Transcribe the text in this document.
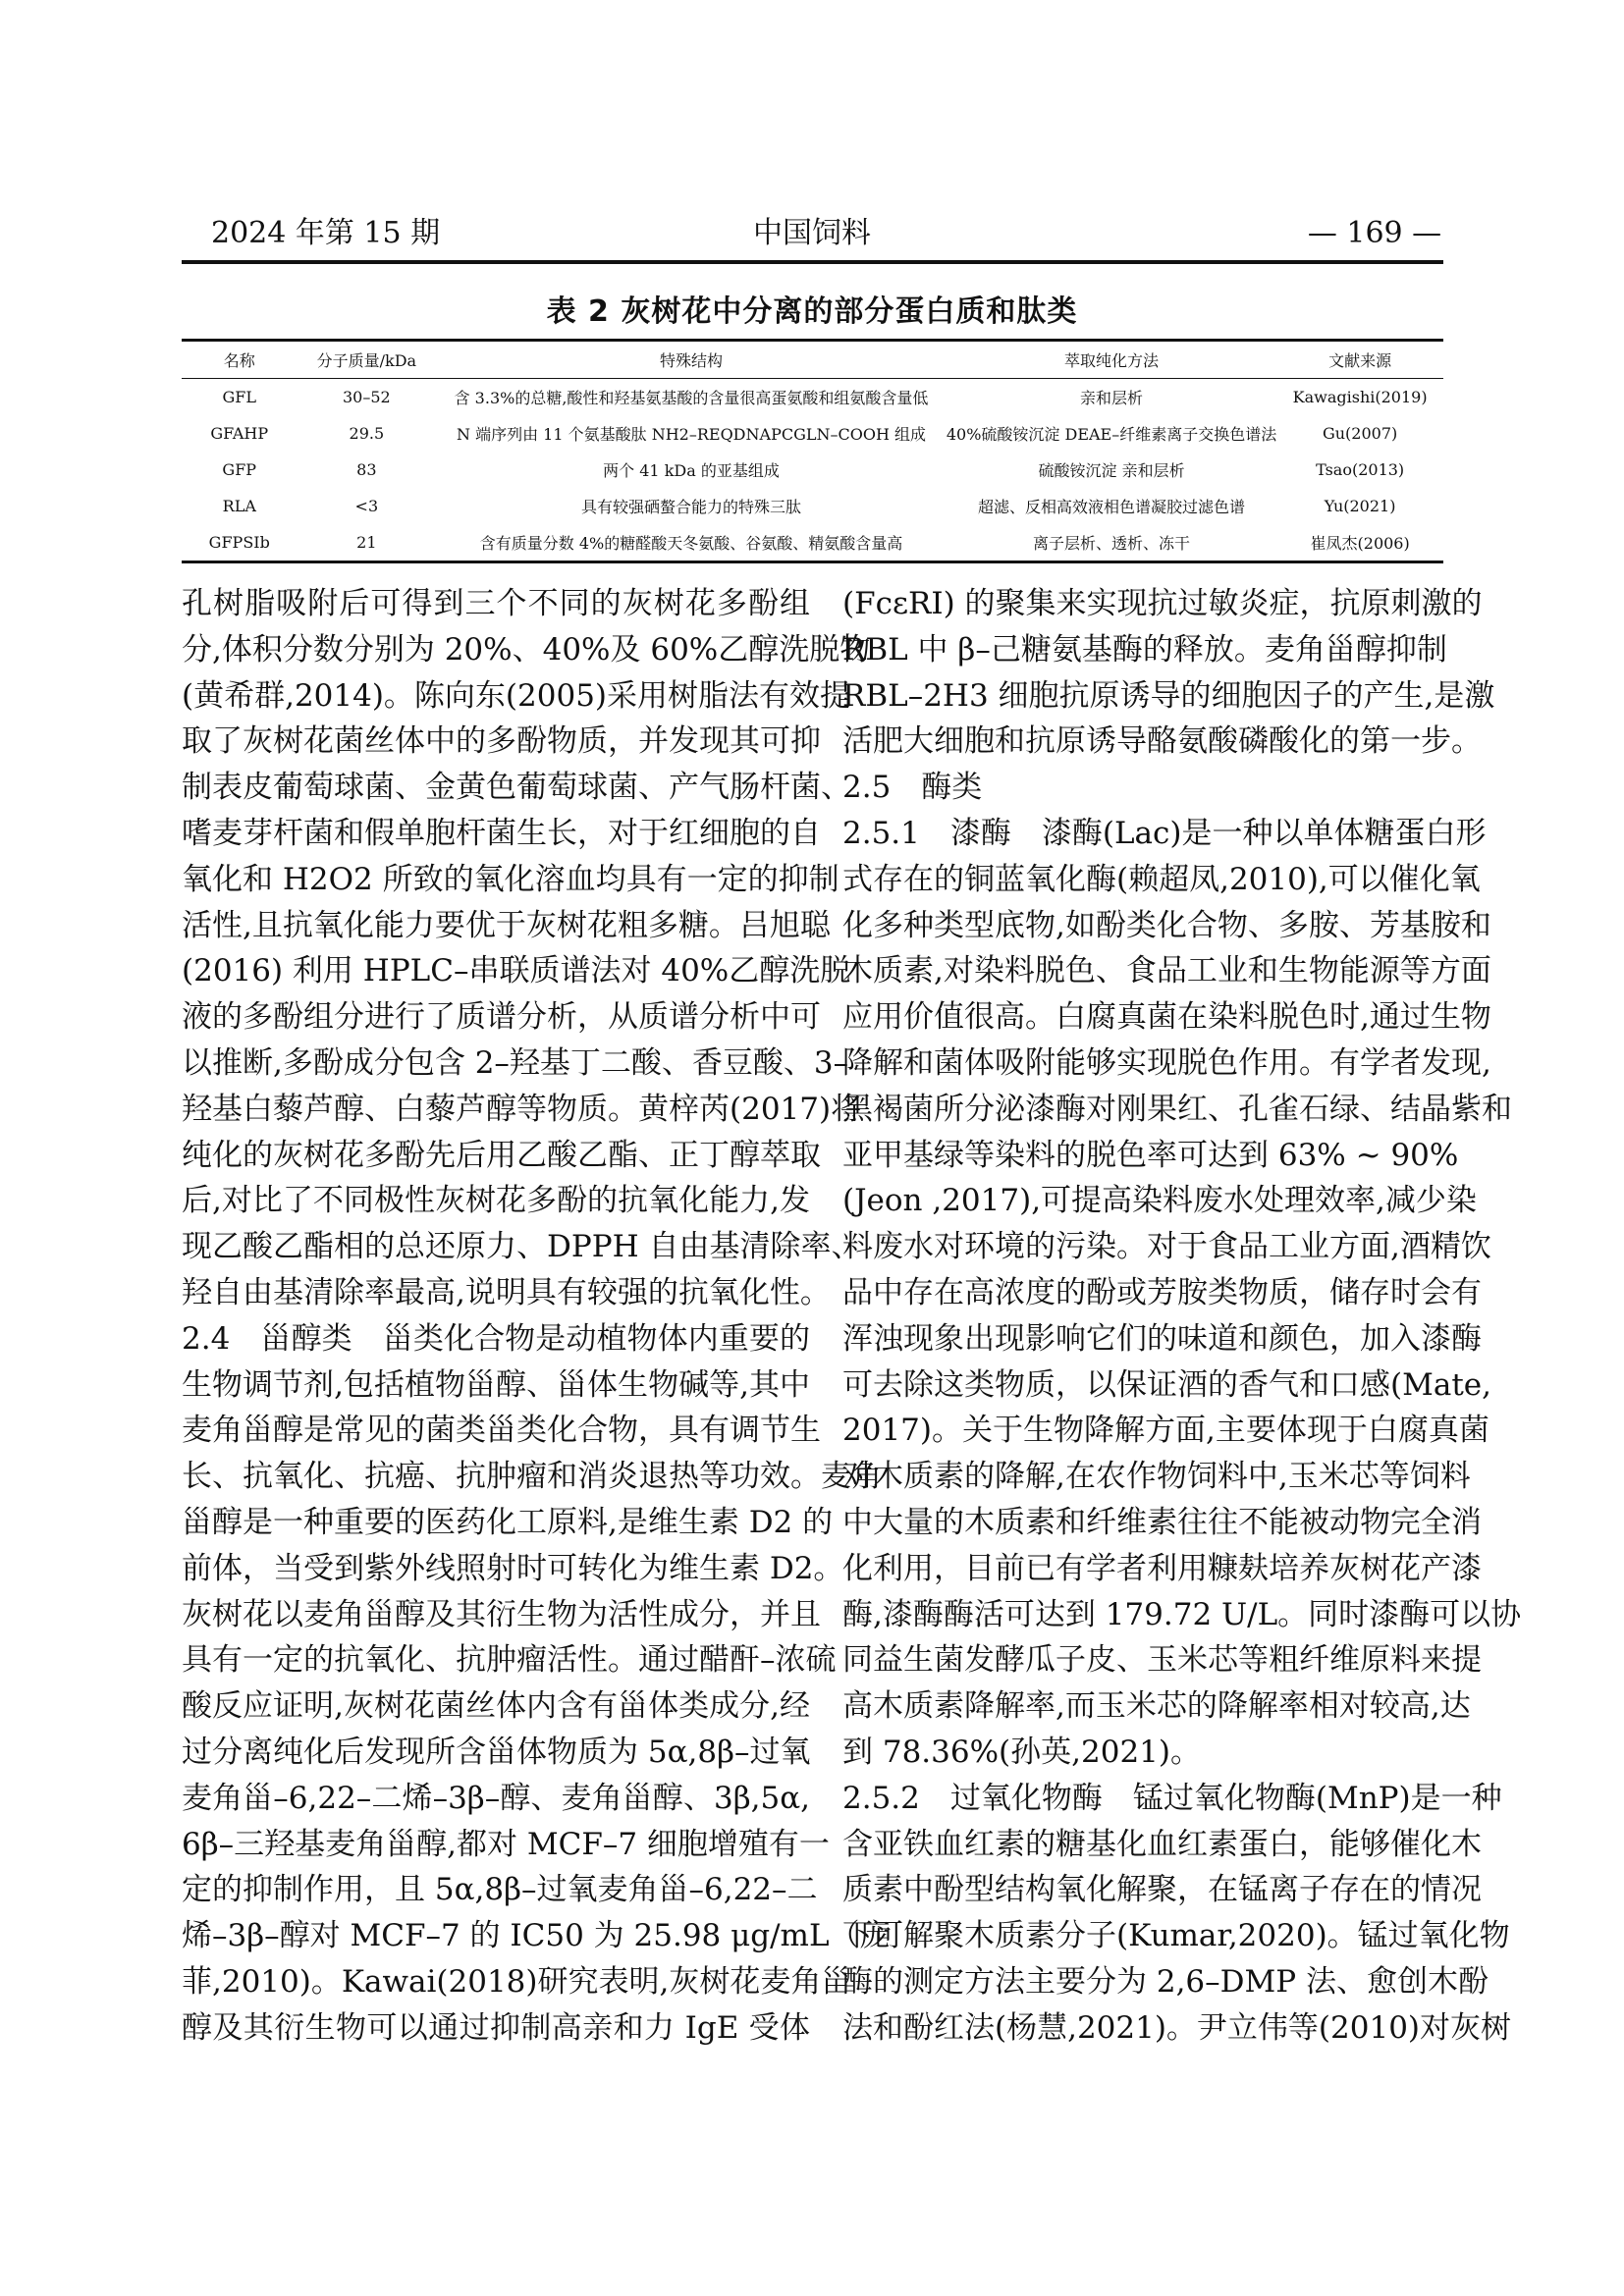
2024 年第 15 期	中国饲料	— 169 —
表 2 灰树花中分离的部分蛋白质和肽类
名称	分子质量/kDa	特殊结构	萃取纯化方法	文献来源
GFL	30–52	含 3.3%的总糖,酸性和羟基氨基酸的含量很高蛋氨酸和组氨酸含量低	亲和层析	Kawagishi(2019)
GFAHP	29.5	N 端序列由 11 个氨基酸肽 NH2–REQDNAPCGLN–COOH 组成	40%硫酸铵沉淀 DEAE–纤维素离子交换色谱法	Gu(2007)
GFP	83	两个 41 kDa 的亚基组成	硫酸铵沉淀 亲和层析	Tsao(2013)
RLA	<3	具有较强硒螯合能力的特殊三肽	超滤、反相高效液相色谱凝胶过滤色谱	Yu(2021)
GFPSIb	21	含有质量分数 4%的糖醛酸天冬氨酸、谷氨酸、精氨酸含量高	离子层析、透析、冻干	崔凤杰(2006)
孔树脂吸附后可得到三个不同的灰树花多酚组
分,体积分数分别为 20%、40%及 60%乙醇洗脱物
(黄希群,2014)。陈向东(2005)采用树脂法有效提
取了灰树花菌丝体中的多酚物质，并发现其可抑
制表皮葡萄球菌、金黄色葡萄球菌、产气肠杆菌、
嗜麦芽杆菌和假单胞杆菌生长，对于红细胞的自
氧化和 H2O2 所致的氧化溶血均具有一定的抑制
活性,且抗氧化能力要优于灰树花粗多糖。吕旭聪
(2016) 利用 HPLC–串联质谱法对 40%乙醇洗脱
液的多酚组分进行了质谱分析，从质谱分析中可
以推断,多酚成分包含 2–羟基丁二酸、香豆酸、3–
羟基白藜芦醇、白藜芦醇等物质。黄梓芮(2017)将
纯化的灰树花多酚先后用乙酸乙酯、正丁醇萃取
后,对比了不同极性灰树花多酚的抗氧化能力,发
现乙酸乙酯相的总还原力、DPPH 自由基清除率、
羟自由基清除率最高,说明具有较强的抗氧化性。
2.4　甾醇类　甾类化合物是动植物体内重要的
生物调节剂,包括植物甾醇、甾体生物碱等,其中
麦角甾醇是常见的菌类甾类化合物，具有调节生
长、抗氧化、抗癌、抗肿瘤和消炎退热等功效。麦角
甾醇是一种重要的医药化工原料,是维生素 D2 的
前体，当受到紫外线照射时可转化为维生素 D2。
灰树花以麦角甾醇及其衍生物为活性成分，并且
具有一定的抗氧化、抗肿瘤活性。通过醋酐–浓硫
酸反应证明,灰树花菌丝体内含有甾体类成分,经
过分离纯化后发现所含甾体物质为 5α,8β–过氧
麦角甾–6,22–二烯–3β–醇、麦角甾醇、3β,5α,
6β–三羟基麦角甾醇,都对 MCF–7 细胞增殖有一
定的抑制作用，且 5α,8β–过氧麦角甾–6,22–二
烯–3β–醇对 MCF–7 的 IC50 为 25.98 μg/mL（庞
菲,2010)。Kawai(2018)研究表明,灰树花麦角甾
醇及其衍生物可以通过抑制高亲和力 IgE 受体
(FcεRI) 的聚集来实现抗过敏炎症，抗原刺激的
RBL 中 β–己糖氨基酶的释放。麦角甾醇抑制
RBL–2H3 细胞抗原诱导的细胞因子的产生,是激
活肥大细胞和抗原诱导酪氨酸磷酸化的第一步。
2.5　酶类
2.5.1　漆酶　漆酶(Lac)是一种以单体糖蛋白形
式存在的铜蓝氧化酶(赖超凤,2010),可以催化氧
化多种类型底物,如酚类化合物、多胺、芳基胺和
木质素,对染料脱色、食品工业和生物能源等方面
应用价值很高。白腐真菌在染料脱色时,通过生物
降解和菌体吸附能够实现脱色作用。有学者发现,
黑褐菌所分泌漆酶对刚果红、孔雀石绿、结晶紫和
亚甲基绿等染料的脱色率可达到 63% ~ 90%
(Jeon ,2017),可提高染料废水处理效率,减少染
料废水对环境的污染。对于食品工业方面,酒精饮
品中存在高浓度的酚或芳胺类物质，储存时会有
浑浊现象出现影响它们的味道和颜色，加入漆酶
可去除这类物质，以保证酒的香气和口感(Mate,
2017)。关于生物降解方面,主要体现于白腐真菌
对木质素的降解,在农作物饲料中,玉米芯等饲料
中大量的木质素和纤维素往往不能被动物完全消
化利用，目前已有学者利用糠麸培养灰树花产漆
酶,漆酶酶活可达到 179.72 U/L。同时漆酶可以协
同益生菌发酵瓜子皮、玉米芯等粗纤维原料来提
高木质素降解率,而玉米芯的降解率相对较高,达
到 78.36%(孙英,2021)。
2.5.2　过氧化物酶　锰过氧化物酶(MnP)是一种
含亚铁血红素的糖基化血红素蛋白，能够催化木
质素中酚型结构氧化解聚，在锰离子存在的情况
下可解聚木质素分子(Kumar,2020)。锰过氧化物
酶的测定方法主要分为 2,6–DMP 法、愈创木酚
法和酚红法(杨慧,2021)。尹立伟等(2010)对灰树
